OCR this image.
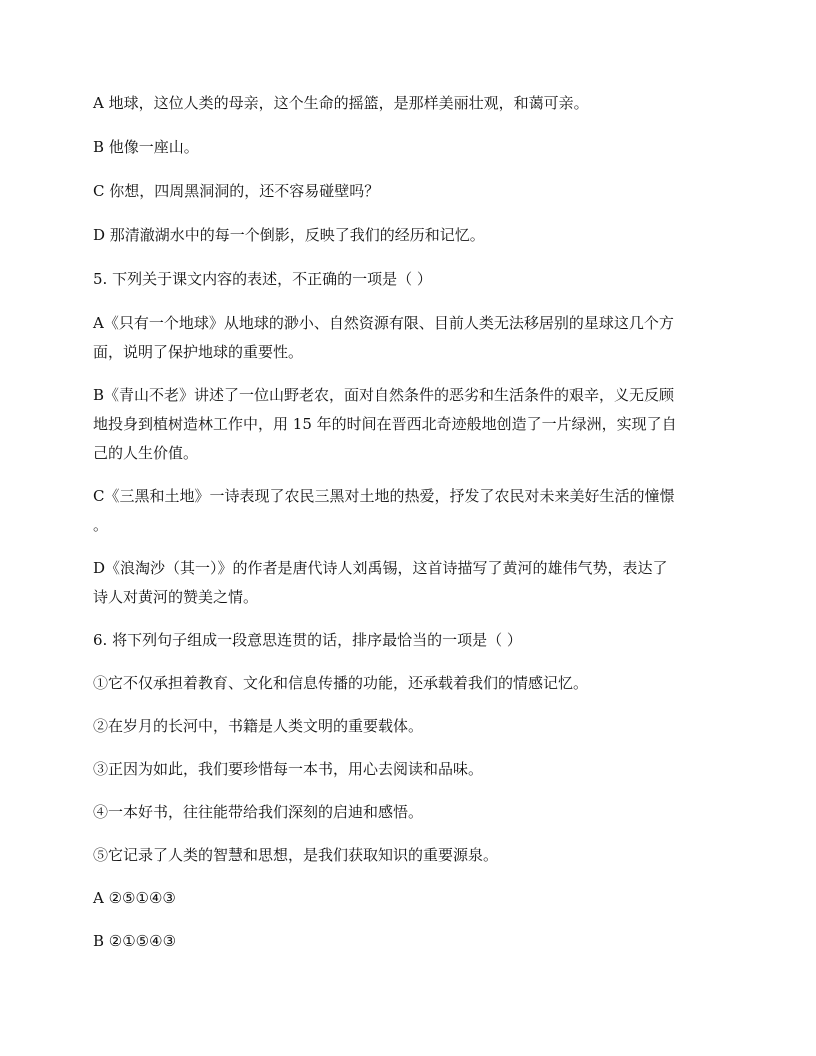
A 地球，这位人类的母亲，这个生命的摇篮，是那样美丽壮观，和蔼可亲。

B 他像一座山。

C 你想，四周黑洞洞的，还不容易碰壁吗？

D 那清澈湖水中的每一个倒影，反映了我们的经历和记忆。

5. 下列关于课文内容的表述，不正确的一项是（ ）

A《只有一个地球》从地球的渺小、自然资源有限、目前人类无法移居别的星球这几个方

面，说明了保护地球的重要性。

B《青山不老》讲述了一位山野老农，面对自然条件的恶劣和生活条件的艰辛，义无反顾

地投身到植树造林工作中，用 15 年的时间在晋西北奇迹般地创造了一片绿洲，实现了自

己的人生价值。

C《三黑和土地》一诗表现了农民三黑对土地的热爱，抒发了农民对未来美好生活的憧憬

。

D《浪淘沙（其一）》的作者是唐代诗人刘禹锡，这首诗描写了黄河的雄伟气势，表达了

诗人对黄河的赞美之情。

6. 将下列句子组成一段意思连贯的话，排序最恰当的一项是（ ）

①它不仅承担着教育、文化和信息传播的功能，还承载着我们的情感记忆。

②在岁月的长河中，书籍是人类文明的重要载体。

③正因为如此，我们要珍惜每一本书，用心去阅读和品味。

④一本好书，往往能带给我们深刻的启迪和感悟。

⑤它记录了人类的智慧和思想，是我们获取知识的重要源泉。

A ②⑤①④③

B ②①⑤④③
